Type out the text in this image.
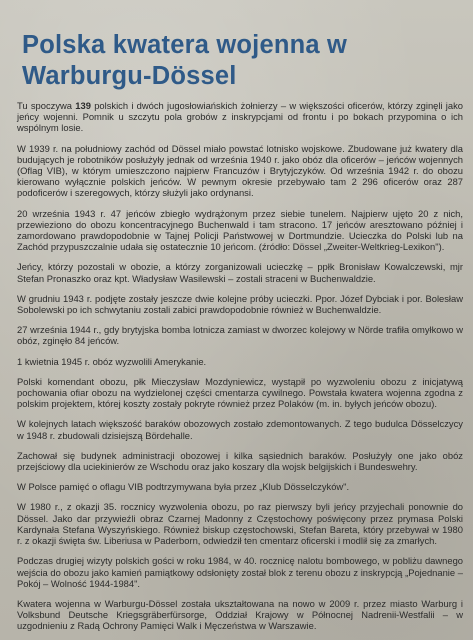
Polska kwatera wojenna w Warburgu-Dössel

Tu spoczywa 139 polskich i dwóch jugosłowiańskich żołnierzy – w większości oficerów, którzy zginęli jako jeńcy wojenni. Pomnik u szczytu pola grobów z inskrypcjami od frontu i po bokach przypomina o ich wspólnym losie.

W 1939 r. na południowy zachód od Dössel miało powstać lotnisko wojskowe. Zbudowane już kwatery dla budujących je robotników posłużyły jednak od września 1940 r. jako obóz dla oficerów – jeńców wojennych (Oflag VIB), w którym umieszczono najpierw Francuzów i Brytyjczyków. Od września 1942 r. do obozu kierowano wyłącznie polskich jeńców. W pewnym okresie przebywało tam 2 296 oficerów oraz 287 podoficerów i szeregowych, którzy służyli jako ordynansi.

20 września 1943 r. 47 jeńców zbiegło wydrążonym przez siebie tunelem. Najpierw ujęto 20 z nich, przewieziono do obozu koncentracyjnego Buchenwald i tam stracono. 17 jeńców aresztowano później i zamordowano prawdopodobnie w Tajnej Policji Państwowej w Dortmundzie. Ucieczka do Polski lub na Zachód przypuszczalnie udała się ostatecznie 10 jeńcom. (źródło: Dössel „Zweiter-Weltkrieg-Lexikon").

Jeńcy, którzy pozostali w obozie, a którzy zorganizowali ucieczkę – ppłk Bronisław Kowalczewski, mjr Stefan Pronaszko oraz kpt. Władysław Wasilewski – zostali straceni w Buchenwaldzie.

W grudniu 1943 r. podjęte zostały jeszcze dwie kolejne próby ucieczki. Ppor. Józef Dybciak i por. Bolesław Sobolewski po ich schwytaniu zostali zabici prawdopodobnie również w Buchenwaldzie.

27 września 1944 r., gdy brytyjska bomba lotnicza zamiast w dworzec kolejowy w Nörde trafiła omyłkowo w obóz, zginęło 84 jeńców.

1 kwietnia 1945 r. obóz wyzwolili Amerykanie.

Polski komendant obozu, płk Mieczysław Mozdyniewicz, wystąpił po wyzwoleniu obozu z inicjatywą pochowania ofiar obozu na wydzielonej części cmentarza cywilnego. Powstała kwatera wojenna zgodna z polskim projektem, której koszty zostały pokryte również przez Polaków (m. in. byłych jeńców obozu).

W kolejnych latach większość baraków obozowych zostało zdemontowanych. Z tego budulca Dösselczycy w 1948 r. zbudowali dzisiejszą Bördehalle.

Zachował się budynek administracji obozowej i kilka sąsiednich baraków. Posłużyły one jako obóz przejściowy dla uciekinierów ze Wschodu oraz jako koszary dla wojsk belgijskich i Bundeswehry.

W Polsce pamięć o oflagu VIB podtrzymywana była przez „Klub Dösselczyków".

W 1980 r., z okazji 35. rocznicy wyzwolenia obozu, po raz pierwszy byli jeńcy przyjechali ponownie do Dössel. Jako dar przywieźli obraz Czarnej Madonny z Częstochowy poświęcony przez prymasa Polski Kardynała Stefana Wyszyńskiego. Również biskup częstochowski, Stefan Bareta, który przebywał w 1980 r. z okazji święta św. Liberiusa w Paderborn, odwiedził ten cmentarz oficerski i modlił się za zmarłych.

Podczas drugiej wizyty polskich gości w roku 1984, w 40. rocznicę nalotu bombowego, w pobliżu dawnego wejścia do obozu jako kamień pamiątkowy odsłonięty został blok z terenu obozu z inskrypcją „Pojednanie – Pokój – Wolność 1944-1984".

Kwatera wojenna w Warburgu-Dössel została ukształtowana na nowo w 2009 r. przez miasto Warburg i Volksbund Deutsche Kriegsgräberfürsorge, Oddział Krajowy w Północnej Nadrenii-Westfalii – w uzgodnieniu z Radą Ochrony Pamięci Walk i Męczeństwa w Warszawie.
